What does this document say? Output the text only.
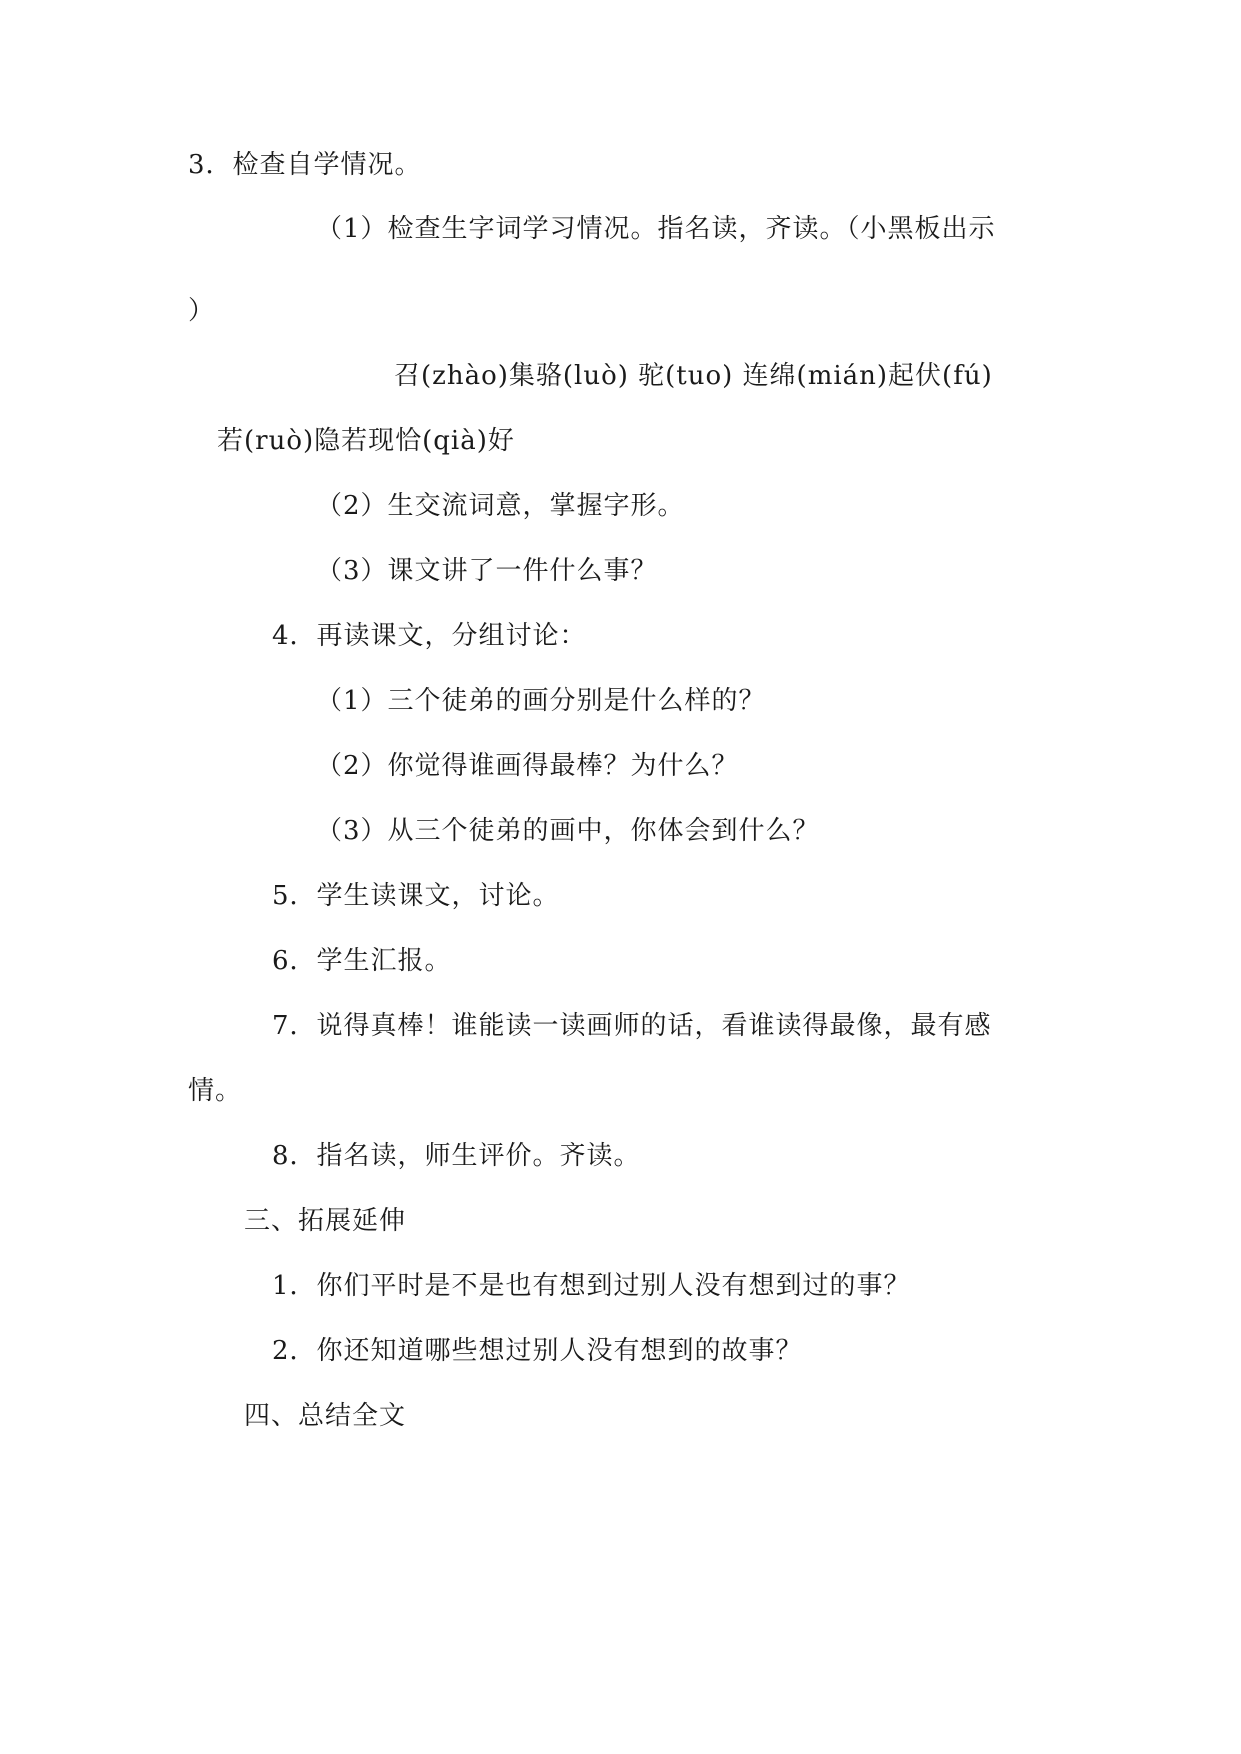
3．检查自学情况。
（1）检查生字词学习情况。指名读，齐读。（小黑板出示
）
召(zhào)集骆(luò) 驼(tuo) 连绵(mián)起伏(fú)
若(ruò)隐若现恰(qià)好
（2）生交流词意，掌握字形。
（3）课文讲了一件什么事？
4．再读课文，分组讨论：
（1）三个徒弟的画分别是什么样的？
（2）你觉得谁画得最棒？为什么？
（3）从三个徒弟的画中，你体会到什么？
5．学生读课文，讨论。
6．学生汇报。
7．说得真棒！谁能读一读画师的话，看谁读得最像，最有感
情。
8．指名读，师生评价。齐读。
三、拓展延伸
1．你们平时是不是也有想到过别人没有想到过的事？
2．你还知道哪些想过别人没有想到的故事？
四、总结全文
